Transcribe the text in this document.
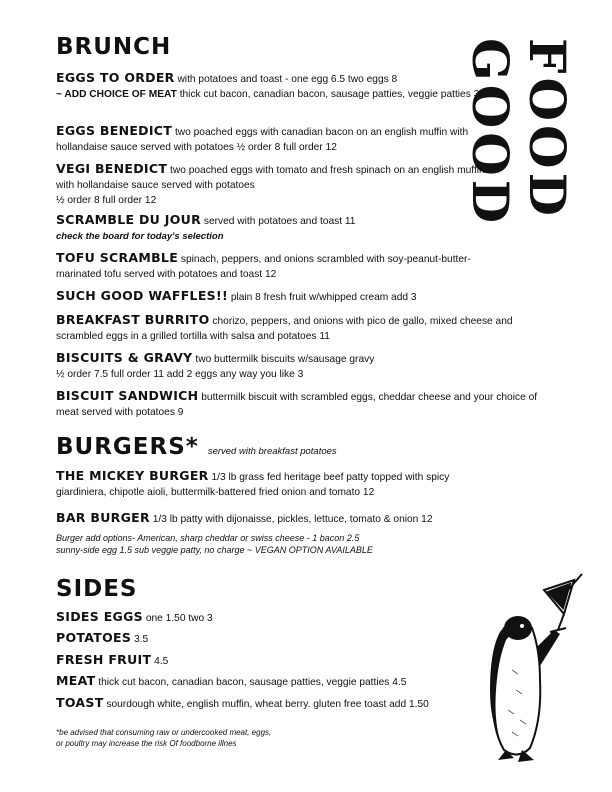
BRUNCH
EGGS TO ORDER with potatoes and toast - one egg 6.5 two eggs 8
~ ADD CHOICE OF MEAT thick cut bacon, canadian bacon, sausage patties, veggie patties 3
EGGS BENEDICT two poached eggs with canadian bacon on an english muffin with hollandaise sauce served with potatoes ½ order 8 full order 12
VEGI BENEDICT two poached eggs with tomato and fresh spinach on an english muffin with hollandaise sauce served with potatoes
½ order 8 full order 12
SCRAMBLE DU JOUR served with potatoes and toast 11
check the board for today's selection
TOFU SCRAMBLE spinach, peppers, and onions scrambled with soy-peanut-butter-marinated tofu served with potatoes and toast 12
SUCH GOOD WAFFLES!! plain 8 fresh fruit w/whipped cream add 3
BREAKFAST BURRITO chorizo, peppers, and onions with pico de gallo, mixed cheese and scrambled eggs in a grilled tortilla with salsa and potatoes 11
BISCUITS & GRAVY two buttermilk biscuits w/sausage gravy
½ order 7.5 full order 11 add 2 eggs any way you like 3
BISCUIT SANDWICH buttermilk biscuit with scrambled eggs, cheddar cheese and your choice of meat served with potatoes 9
GOOD
FOOD
BURGERS* served with breakfast potatoes
THE MICKEY BURGER 1/3 lb grass fed heritage beef patty topped with spicy giardiniera, chipotle aioli, buttermilk-battered fried onion and tomato 12
BAR BURGER 1/3 lb patty with dijonaisse, pickles, lettuce, tomato & onion 12
Burger add options- American, sharp cheddar or swiss cheese - 1 bacon 2.5
sunny-side egg 1.5 sub veggie patty, no charge ~ VEGAN OPTION AVAILABLE
SIDES
SIDES EGGS one 1.50 two 3
POTATOES 3.5
FRESH FRUIT 4.5
MEAT thick cut bacon, canadian bacon, sausage patties, veggie patties 4.5
TOAST sourdough white, english muffin, wheat berry. gluten free toast add 1.50
*be advised that consuming raw or undercooked meat, eggs,
or poultry may increase the risk Of foodborne illnes
